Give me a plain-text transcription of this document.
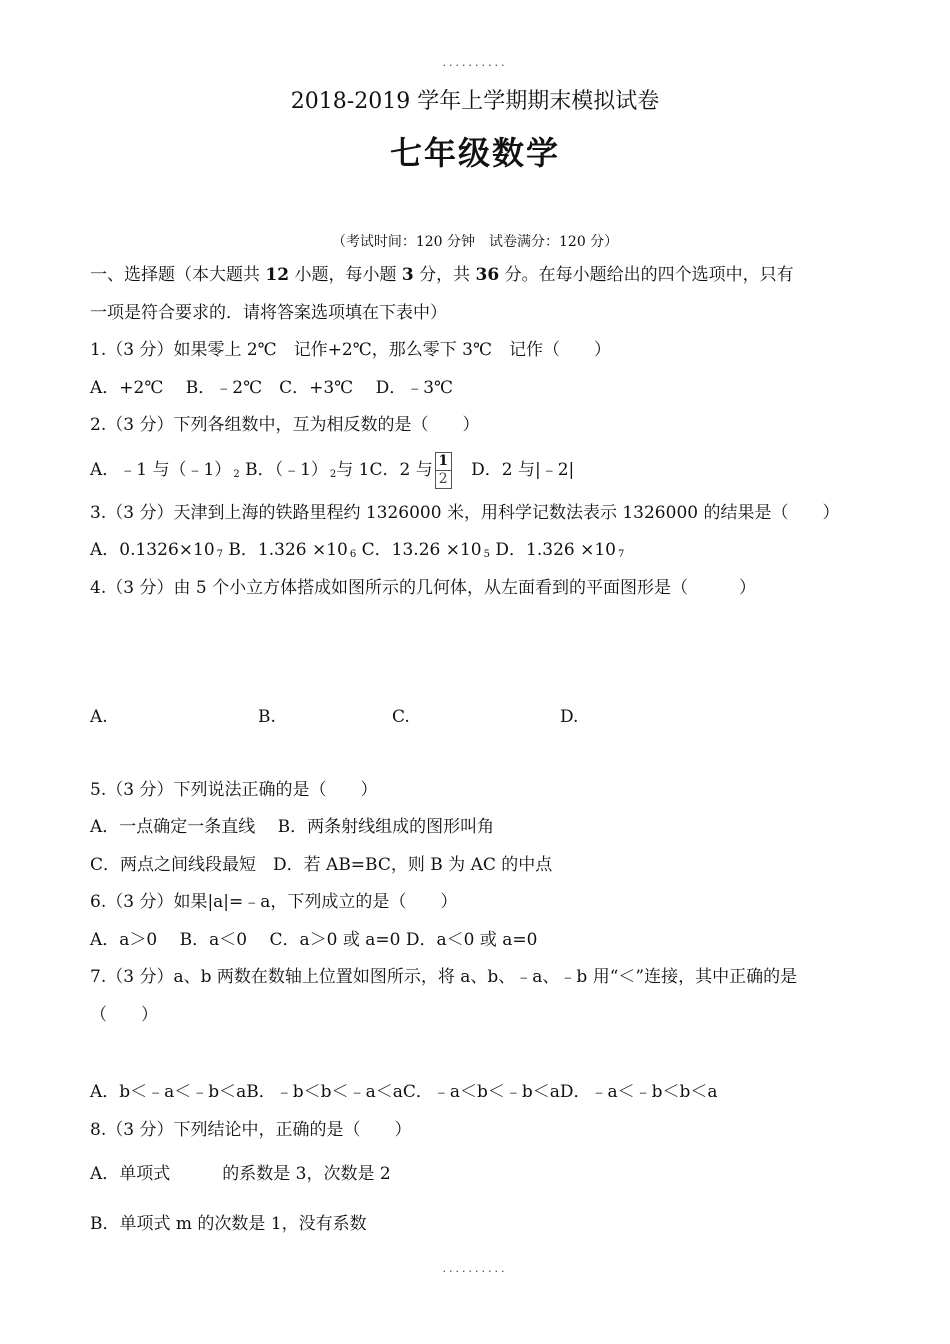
..........
2018-2019 学年上学期期末模拟试卷
七年级数学
（考试时间：120 分钟　试卷满分：120 分）
一、选择题（本大题共 12 小题，每小题 3 分，共 36 分。在每小题给出的四个选项中，只有
一项是符合要求的．请将答案选项填在下表中）
1.（3 分）如果零上 2℃　记作+2℃，那么零下 3℃　记作（　　）
A．+2℃　 B．﹣2℃　C．+3℃　 D．﹣3℃
2.（3 分）下列各组数中，互为相反数的是（　　）
A．﹣1 与（﹣1） $_2$ B．（﹣1） $_2$与 1C．2 与 $\frac{1}{2}$ D．2 与|﹣2|
3.（3 分）天津到上海的铁路里程约 1326000 米，用科学记数法表示 1326000 的结果是（　　）
A．0.1326×10 $_7$ B．1.326 ×10 $_6$ C．13.26 ×10 $_5$ D．1.326 ×10 $_7$
4.（3 分）由 5 个小立方体搭成如图所示的几何体，从左面看到的平面图形是（　　　）
A.	B.	C.	D.
5.（3 分）下列说法正确的是（　　）
A．一点确定一条直线　 B．两条射线组成的图形叫角
C．两点之间线段最短　D．若 AB=BC，则 B 为 AC 的中点
6.（3 分）如果|a|=﹣a，下列成立的是（　　）
A．a＞0　 B．a＜0　 C．a＞0 或 a=0 D．a＜0 或 a=0
7.（3 分）a、b 两数在数轴上位置如图所示，将 a、b、﹣a、﹣b 用“＜”连接，其中正确的是
（　　）
A．b＜﹣a＜﹣b＜aB．﹣b＜b＜﹣a＜aC．﹣a＜b＜﹣b＜aD．﹣a＜﹣b＜b＜a
8.（3 分）下列结论中，正确的是（　　）
A．单项式	的系数是 3，次数是 2
B．单项式 m 的次数是 1，没有系数
..........
